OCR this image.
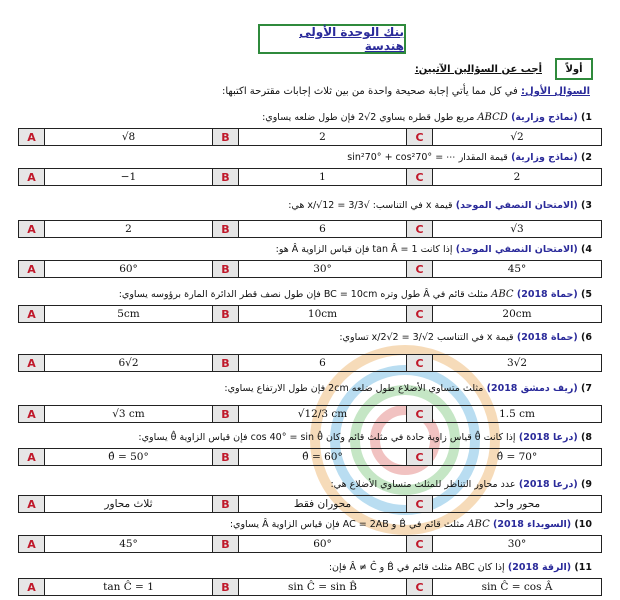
بنك الوحدة الأولى هندسة
أولاً
أجب عن السؤالين الآتيين:
السؤال الأول: في كل مما يأتي إجابة صحيحة واحدة من بين ثلاث إجابات مقترحة اكتبها:
1) (نماذج وزارية) ABCD مربع طول قطره يساوي 2√2 فإن طول ضلعه يساوي:
A	√8	B	2	C	√2
2) (نماذج وزارية) قيمة المقدار ⋯ = sin²70° + cos²70°
A	−1	B	1	C	2
3) (الامتحان النصفي الموحد) قيمة x في التناسب: √3/3 = x/√12 هي:
A	2	B	6	C	√3
4) (الامتحان النصفي الموحد) إذا كانت tan Â = 1 فإن قياس الزاوية Â هو:
A	60°	B	30°	C	45°
5) (حماة 2018) ABC مثلث قائم في Â طول وتره BC = 10cm فإن طول نصف قطر الدائرة المارة برؤوسه يساوي:
A	5cm	B	10cm	C	20cm
6) (حماة 2018) قيمة x في التناسب x/2√2 = 3/√2 تساوي:
A	6√2	B	6	C	3√2
7) (ريف دمشق 2018) مثلث متساوي الأضلاع طول ضلعه 2cm فإن طول الارتفاع يساوي:
A	√3 cm	B	√12/3 cm	C	1.5 cm
8) (درعا 2018) إذا كانت θ̂ قياس زاوية حادة في مثلث قائم وكان cos 40° = sin θ̂ فإن قياس الزاوية θ̂ يساوي:
A	θ̂ = 50°	B	θ̂ = 60°	C	θ̂ = 70°
9) (درعا 2018) عدد محاور التناظر للمثلث متساوي الأضلاع هي:
A	ثلاث محاور	B	محوران فقط	C	محور واحد
10) (السويداء 2018) ABC مثلث قائم في B̂ و AC = 2AB فإن قياس الزاوية Â يساوي:
A	45°	B	60°	C	30°
11) (الرقة 2018) إذا كان ABC مثلث قائم في B̂ و Â ≠ Ĉ فإن:
A	tan Ĉ = 1	B	sin Ĉ = sin B̂	C	sin Ĉ = cos Â
